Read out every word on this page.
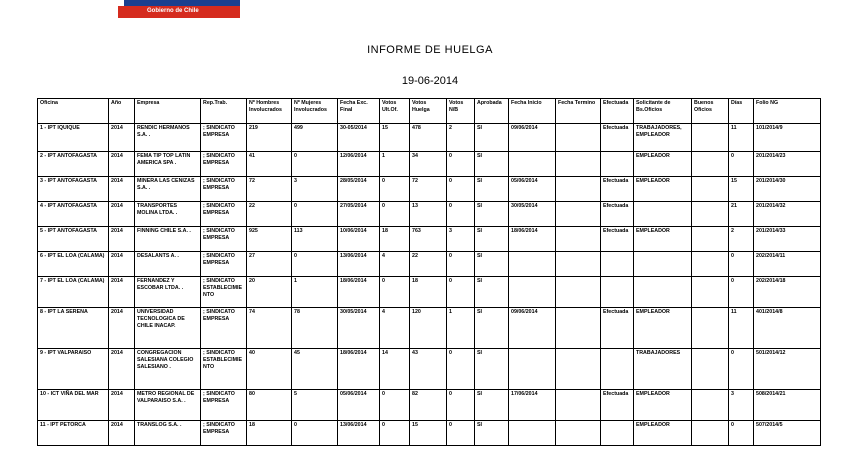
Gobierno de Chile
INFORME DE HUELGA
19-06-2014
Oficina	Año	Empresa	Rep.Trab.	Nº Hombres Involucrados	Nº Mujeres Involucrados	Fecha Exc. Final	Votos Ult.Of.	Votos Huelga	Votos N/B	Aprobada	Fecha Inicio	Fecha Termino	Efectuada	Solicitante de Bs.Oficios	Buenos Oficios	Días	Folio NG
1 - IPT IQUIQUE	2014	RENDIC HERMANOS S.A. .	; SINDICATO EMPRESA	219	499	30-05/2014	15	478	2	SI	09/06/2014		Efectuada	TRABAJADORES, EMPLEADOR		11	101/2014/9
2 - IPT ANTOFAGASTA	2014	FEMA TIP TOP LATIN AMERICA SPA .	; SINDICATO EMPRESA	41	0	12/06/2014	1	34	0	SI				EMPLEADOR		0	201/2014/23
3 - IPT ANTOFAGASTA	2014	MINERA LAS CENIZAS S.A. .	; SINDICATO EMPRESA	72	3	28/05/2014	0	72	0	SI	05/06/2014		Efectuada	EMPLEADOR		15	201/2014/30
4 - IPT ANTOFAGASTA	2014	TRANSPORTES MOLINA LTDA. .	; SINDICATO EMPRESA	22	0	27/05/2014	0	13	0	SI	30/05/2014		Efectuada			21	201/2014/32
5 - IPT ANTOFAGASTA	2014	FINNING CHILE S.A. .	; SINDICATO EMPRESA	925	113	10/06/2014	18	763	3	SI	18/06/2014		Efectuada	EMPLEADOR		2	201/2014/33
6 - IPT EL LOA (CALAMA)	2014	DESALANTS A. .	; SINDICATO EMPRESA	27	0	13/06/2014	4	22	0	SI						0	202/2014/11
7 - IPT EL LOA (CALAMA)	2014	FERNANDEZ Y ESCOBAR LTDA. .	; SINDICATO ESTABLECIMIENTO	20	1	18/06/2014	0	18	0	SI						0	202/2014/18
8 - IPT LA SERENA	2014	UNIVERSIDAD TECNOLOGICA DE CHILE INACAP.	; SINDICATO EMPRESA	74	78	30/05/2014	4	120	1	SI	09/06/2014		Efectuada	EMPLEADOR		11	401/2014/8
9 - IPT VALPARAISO	2014	CONGREGACION SALESIANA COLEGIO SALESIANO .	; SINDICATO ESTABLECIMIENTO	40	45	18/06/2014	14	43	0	SI				TRABAJADORES		0	501/2014/12
10 - ICT VIÑA DEL MAR	2014	METRO REGIONAL DE VALPARAISO S.A. .	; SINDICATO EMPRESA	80	5	05/06/2014	0	82	0	SI	17/06/2014		Efectuada	EMPLEADOR		3	508/2014/21
11 - IPT PETORCA	2014	TRANSLOG S.A. .	; SINDICATO EMPRESA	18	0	13/06/2014	0	15	0	SI				EMPLEADOR		0	507/2014/5
